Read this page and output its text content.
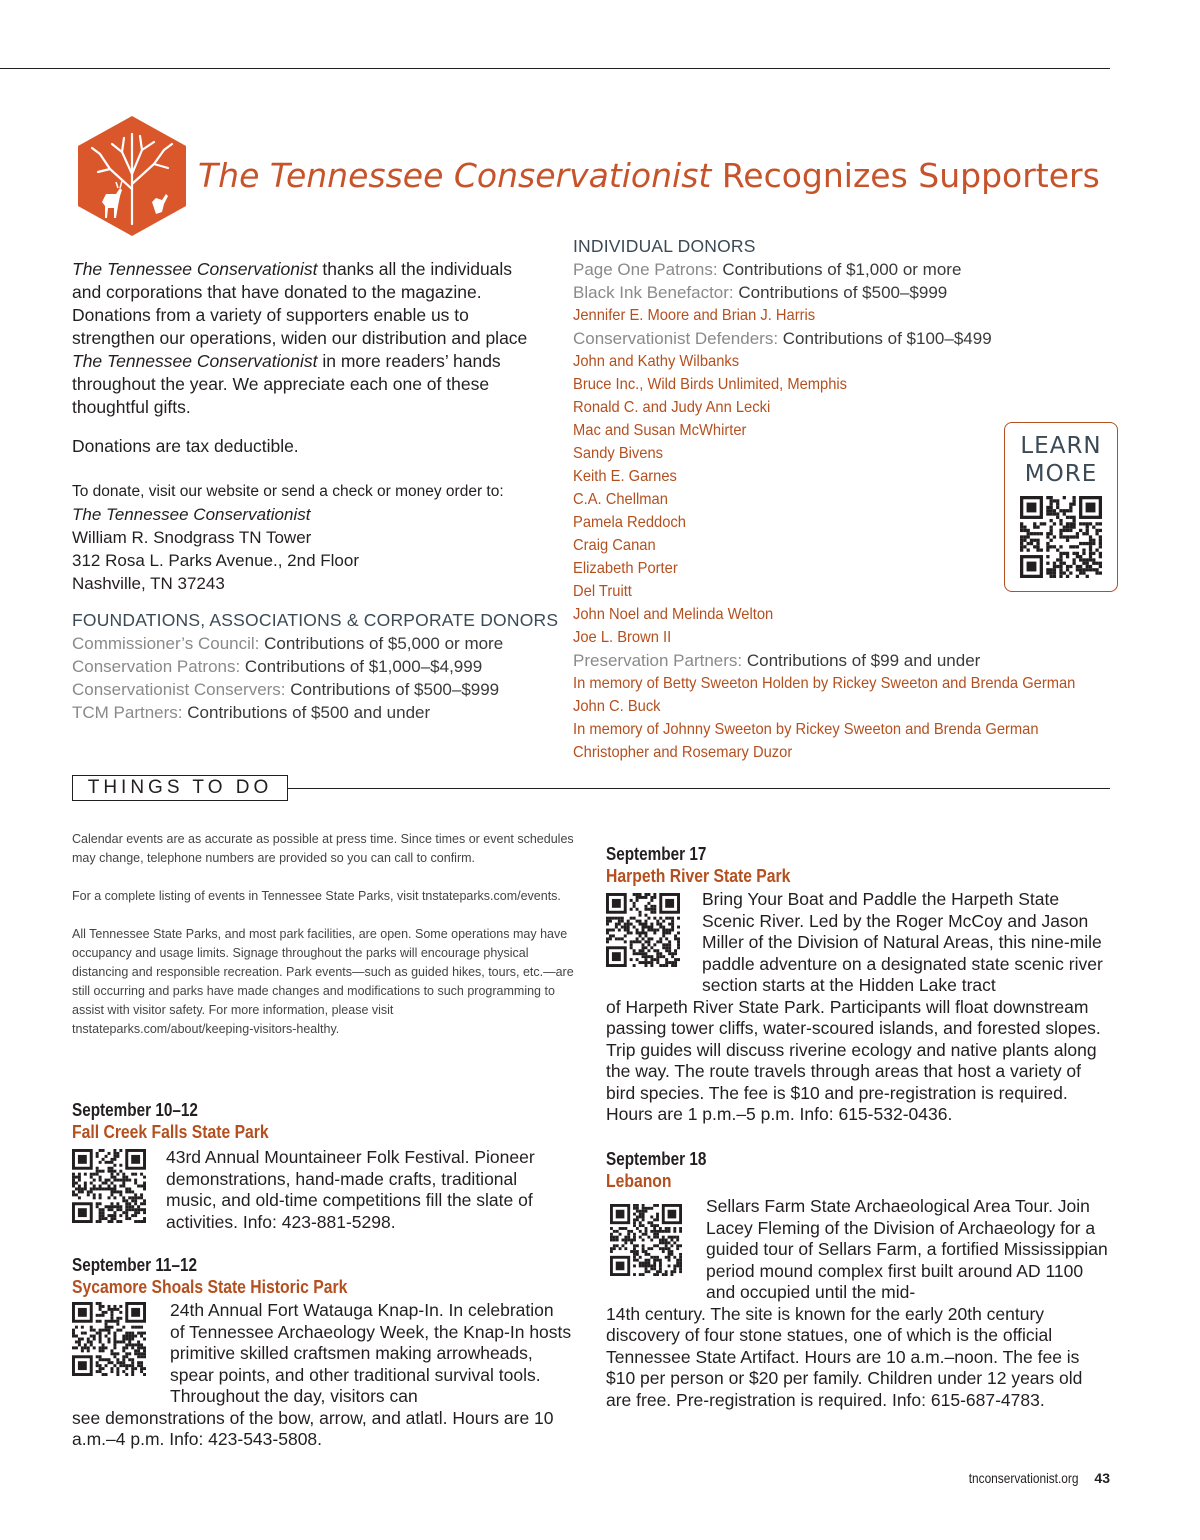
The Tennessee Conservationist Recognizes Supporters

The Tennessee Conservationist thanks all the individuals and corporations that have donated to the magazine. Donations from a variety of supporters enable us to strengthen our operations, widen our distribution and place The Tennessee Conservationist in more readers’ hands throughout the year. We appreciate each one of these thoughtful gifts.

Donations are tax deductible.
To donate, visit our website or send a check or money order to:
The Tennessee Conservationist
William R. Snodgrass TN Tower
312 Rosa L. Parks Avenue., 2nd Floor
Nashville, TN 37243
FOUNDATIONS, ASSOCIATIONS & CORPORATE DONORS
Commissioner’s Council: Contributions of $5,000 or more
Conservation Patrons: Contributions of $1,000–$4,999
Conservationist Conservers: Contributions of $500–$999
TCM Partners: Contributions of $500 and under
INDIVIDUAL DONORS
Page One Patrons: Contributions of $1,000 or more
Black Ink Benefactor: Contributions of $500–$999
Jennifer E. Moore and Brian J. Harris
Conservationist Defenders: Contributions of $100–$499
John and Kathy Wilbanks
Bruce Inc., Wild Birds Unlimited, Memphis
Ronald C. and Judy Ann Lecki
Mac and Susan McWhirter
Sandy Bivens
Keith E. Garnes
C.A. Chellman
Pamela Reddoch
Craig Canan
Elizabeth Porter
Del Truitt
John Noel and Melinda Welton
Joe L. Brown II
Preservation Partners: Contributions of $99 and under
In memory of Betty Sweeton Holden by Rickey Sweeton and Brenda German
John C. Buck
In memory of Johnny Sweeton by Rickey Sweeton and Brenda German
Christopher and Rosemary Duzor
LEARN
MORE
THINGS TO DO

Calendar events are as accurate as possible at press time. Since times or event schedules may change, telephone numbers are provided so you can call to confirm.

For a complete listing of events in Tennessee State Parks, visit tnstateparks.com/events.

All Tennessee State Parks, and most park facilities, are open. Some operations may have occupancy and usage limits. Signage throughout the parks will encourage physical distancing and responsible recreation. Park events—such as guided hikes, tours, etc.—are still occurring and parks have made changes and modifications to such programming to assist with visitor safety. For more information, please visit tnstateparks.com/about/keeping-visitors-healthy.

September 10–12
Fall Creek Falls State Park
43rd Annual Mountaineer Folk Festival. Pioneer demonstrations, hand-made crafts, traditional music, and old-time competitions fill the slate of activities. Info: 423-881-5298.
September 11–12
Sycamore Shoals State Historic Park
24th Annual Fort Watauga Knap-In. In celebration of Tennessee Archaeology Week, the Knap-In hosts primitive skilled craftsmen making arrowheads, spear points, and other traditional survival tools. Throughout the day, visitors can
see demonstrations of the bow, arrow, and atlatl. Hours are 10 a.m.–4 p.m. Info: 423-543-5808.
September 17
Harpeth River State Park
Bring Your Boat and Paddle the Harpeth State Scenic River. Led by the Roger McCoy and Jason Miller of the Division of Natural Areas, this nine-mile paddle adventure on a designated state scenic river section starts at the Hidden Lake tract
of Harpeth River State Park. Participants will float downstream passing tower cliffs, water-scoured islands, and forested slopes. Trip guides will discuss riverine ecology and native plants along the way. The route travels through areas that host a variety of bird species. The fee is $10 and pre-registration is required. Hours are 1 p.m.–5 p.m. Info: 615-532-0436.
September 18
Lebanon
Sellars Farm State Archaeological Area Tour. Join Lacey Fleming of the Division of Archaeology for a guided tour of Sellars Farm, a fortified Mississippian period mound complex first built around AD 1100 and occupied until the mid-
14th century. The site is known for the early 20th century discovery of four stone statues, one of which is the official Tennessee State Artifact. Hours are 10 a.m.–noon. The fee is $10 per person or $20 per family. Children under 12 years old are free. Pre-registration is required. Info: 615-687-4783.
tnconservationist.org 43
